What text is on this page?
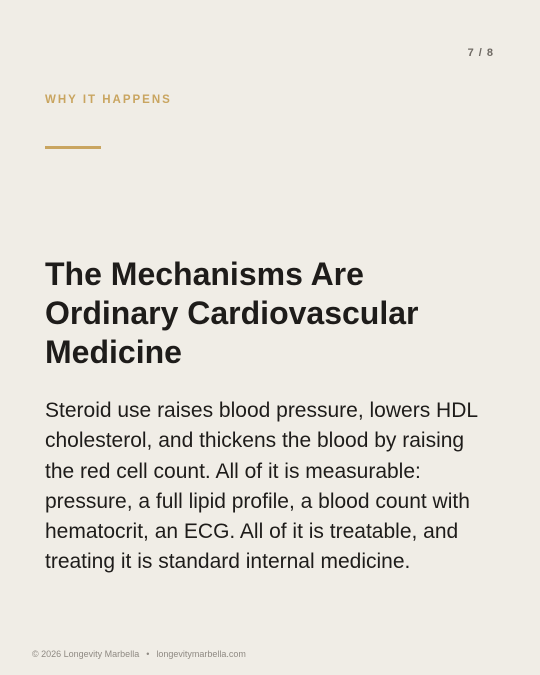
7 / 8
WHY IT HAPPENS
The Mechanisms Are Ordinary Cardiovascular Medicine

Steroid use raises blood pressure, lowers HDL cholesterol, and thickens the blood by raising the red cell count. All of it is measurable: pressure, a full lipid profile, a blood count with hematocrit, an ECG. All of it is treatable, and treating it is standard internal medicine.

© 2026 Longevity Marbella • longevitymarbella.com
